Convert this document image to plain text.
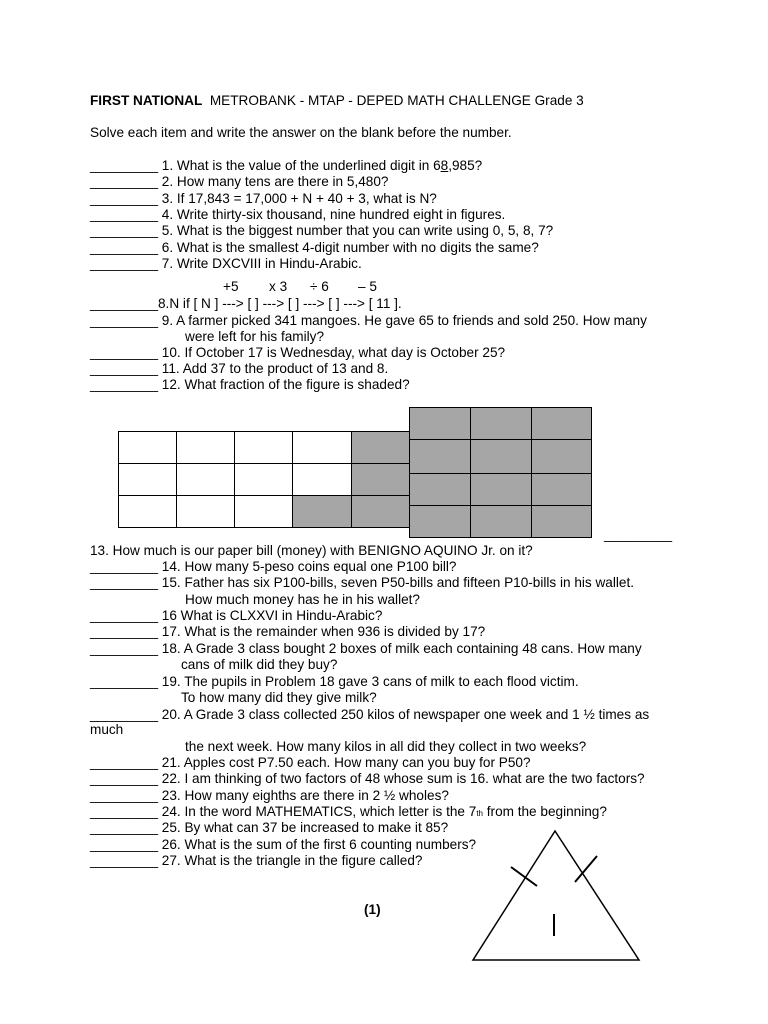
FIRST NATIONAL METROBANK - MTAP - DEPED MATH CHALLENGE Grade 3
Solve each item and write the answer on the blank before the number.
_________ 1. What is the value of the underlined digit in 68,985?
_________ 2. How many tens are there in 5,480?
_________ 3. If 17,843 = 17,000 + N + 40 + 3, what is N?
_________ 4. Write thirty-six thousand, nine hundred eight in figures.
_________ 5. What is the biggest number that you can write using 0, 5, 8, 7?
_________ 6. What is the smallest 4-digit number with no digits the same?
_________ 7. Write DXCVIII in Hindu-Arabic.
+5 x 3 ÷ 6 – 5
_________8.N if [ N ] ---> [ ] ---> [ ] ---> [ ] ---> [ 11 ].
_________ 9. A farmer picked 341 mangoes. He gave 65 to friends and sold 250. How many
were left for his family?
_________ 10. If October 17 is Wednesday, what day is October 25?
_________ 11. Add 37 to the product of 13 and 8.
_________ 12. What fraction of the figure is shaded?
_________
13. How much is our paper bill (money) with BENIGNO AQUINO Jr. on it?
_________ 14. How many 5-peso coins equal one P100 bill?
_________ 15. Father has six P100-bills, seven P50-bills and fifteen P10-bills in his wallet.
How much money has he in his wallet?
_________ 16 What is CLXXVI in Hindu-Arabic?
_________ 17. What is the remainder when 936 is divided by 17?
_________ 18. A Grade 3 class bought 2 boxes of milk each containing 48 cans. How many
cans of milk did they buy?
_________ 19. The pupils in Problem 18 gave 3 cans of milk to each flood victim.
To how many did they give milk?
_________ 20. A Grade 3 class collected 250 kilos of newspaper one week and 1 ½ times as
much
the next week. How many kilos in all did they collect in two weeks?
_________ 21. Apples cost P7.50 each. How many can you buy for P50?
_________ 22. I am thinking of two factors of 48 whose sum is 16. what are the two factors?
_________ 23. How many eighths are there in 2 ½ wholes?
_________ 24. In the word MATHEMATICS, which letter is the 7th from the beginning?
_________ 25. By what can 37 be increased to make it 85?
_________ 26. What is the sum of the first 6 counting numbers?
_________ 27. What is the triangle in the figure called?
(1)
